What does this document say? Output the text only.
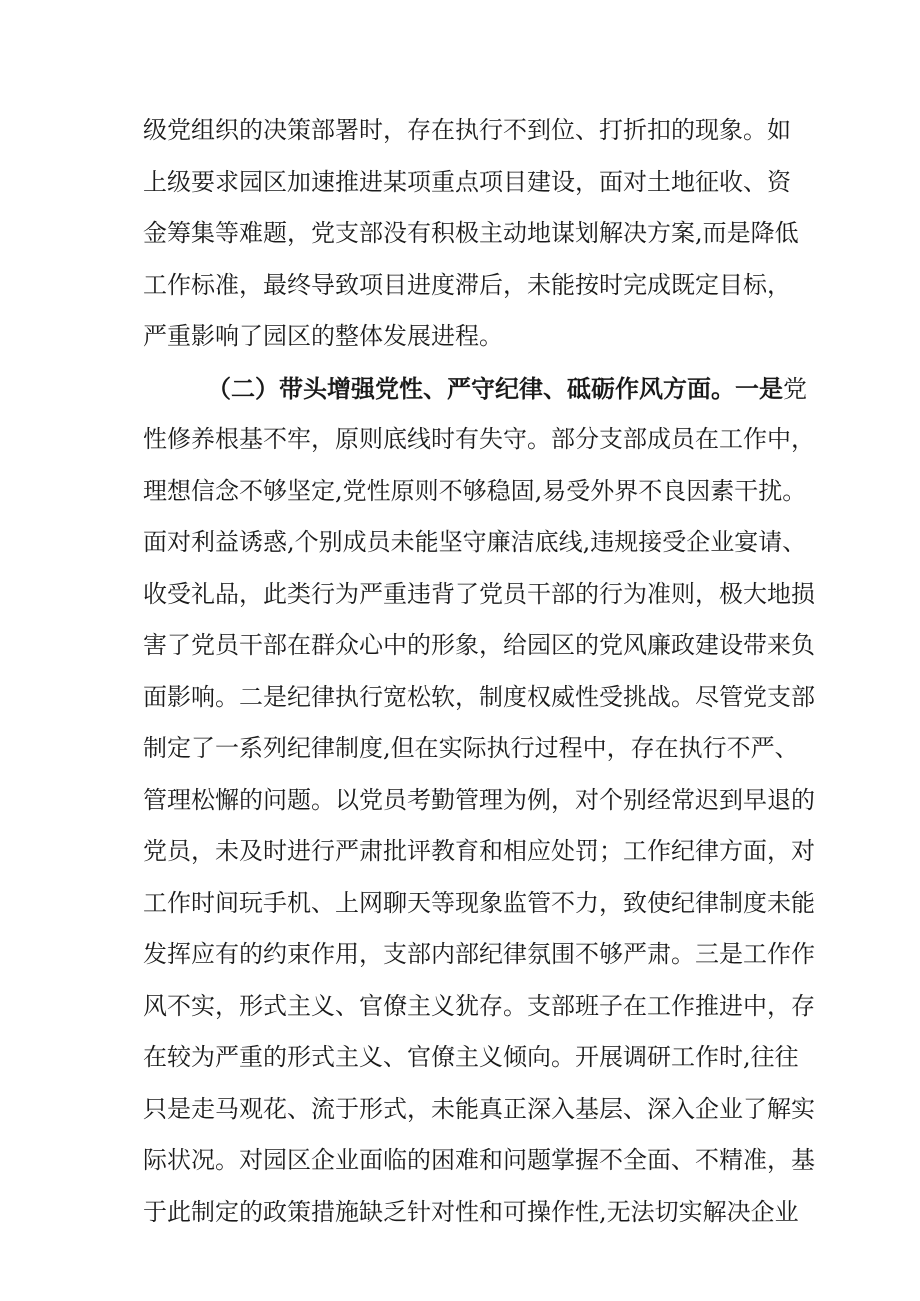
级党组织的决策部署时，存在执行不到位、打折扣的现象。如
上级要求园区加速推进某项重点项目建设，面对土地征收、资
金筹集等难题，党支部没有积极主动地谋划解决方案,而是降低
工作标准，最终导致项目进度滞后，未能按时完成既定目标，
严重影响了园区的整体发展进程。
（二）带头增强党性、严守纪律、砥砺作风方面。一是党
性修养根基不牢，原则底线时有失守。部分支部成员在工作中，
理想信念不够坚定,党性原则不够稳固,易受外界不良因素干扰。
面对利益诱惑,个别成员未能坚守廉洁底线,违规接受企业宴请、
收受礼品，此类行为严重违背了党员干部的行为准则，极大地损
害了党员干部在群众心中的形象，给园区的党风廉政建设带来负
面影响。二是纪律执行宽松软，制度权威性受挑战。尽管党支部
制定了一系列纪律制度,但在实际执行过程中，存在执行不严、
管理松懈的问题。以党员考勤管理为例，对个别经常迟到早退的
党员，未及时进行严肃批评教育和相应处罚；工作纪律方面，对
工作时间玩手机、上网聊天等现象监管不力，致使纪律制度未能
发挥应有的约束作用，支部内部纪律氛围不够严肃。三是工作作
风不实，形式主义、官僚主义犹存。支部班子在工作推进中，存
在较为严重的形式主义、官僚主义倾向。开展调研工作时,往往
只是走马观花、流于形式，未能真正深入基层、深入企业了解实
际状况。对园区企业面临的困难和问题掌握不全面、不精准，基
于此制定的政策措施缺乏针对性和可操作性,无法切实解决企业
